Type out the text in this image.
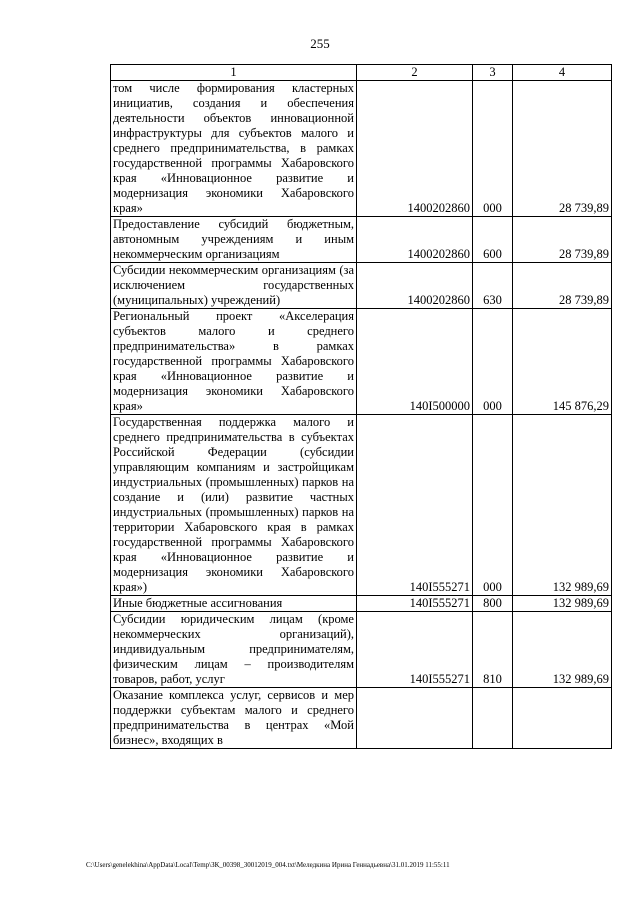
255
1	2	3	4
том числе формирования кластерных инициатив, создания и обеспечения деятельности объектов инновационной инфраструктуры для субъектов малого и среднего предпринимательства, в рамках государственной программы Хабаровского края «Инновационное развитие и модернизация экономики Хабаровского края»	1400202860	000	28 739,89
Предоставление субсидий бюджетным, автономным учреждениям и иным некоммерческим организациям	1400202860	600	28 739,89
Субсидии некоммерческим организациям (за исключением государственных (муниципальных) учреждений)	1400202860	630	28 739,89
Региональный проект «Акселерация субъектов малого и среднего предпринимательства» в рамках государственной программы Хабаровского края «Инновационное развитие и модернизация экономики Хабаровского края»	140I500000	000	145 876,29
Государственная поддержка малого и среднего предпринимательства в субъектах Российской Федерации (субсидии управляющим компаниям и застройщикам индустриальных (промышленных) парков на создание и (или) развитие частных индустриальных (промышленных) парков на территории Хабаровского края в рамках государственной программы Хабаровского края «Инновационное развитие и модернизация экономики Хабаровского края»)	140I555271	000	132 989,69
Иные бюджетные ассигнования	140I555271	800	132 989,69
Субсидии юридическим лицам (кроме некоммерческих организаций), индивидуальным предпринимателям, физическим лицам – производителям товаров, работ, услуг	140I555271	810	132 989,69
Оказание комплекса услуг, сервисов и мер поддержки субъектам малого и среднего предпринимательства в центрах «Мой бизнес», входящих в			
C:\Users\genelekhina\AppData\Local\Temp\ЗК_00398_30012019_004.txt\Меледкина Ирина Геннадьевна\31.01.2019 11:55:11
